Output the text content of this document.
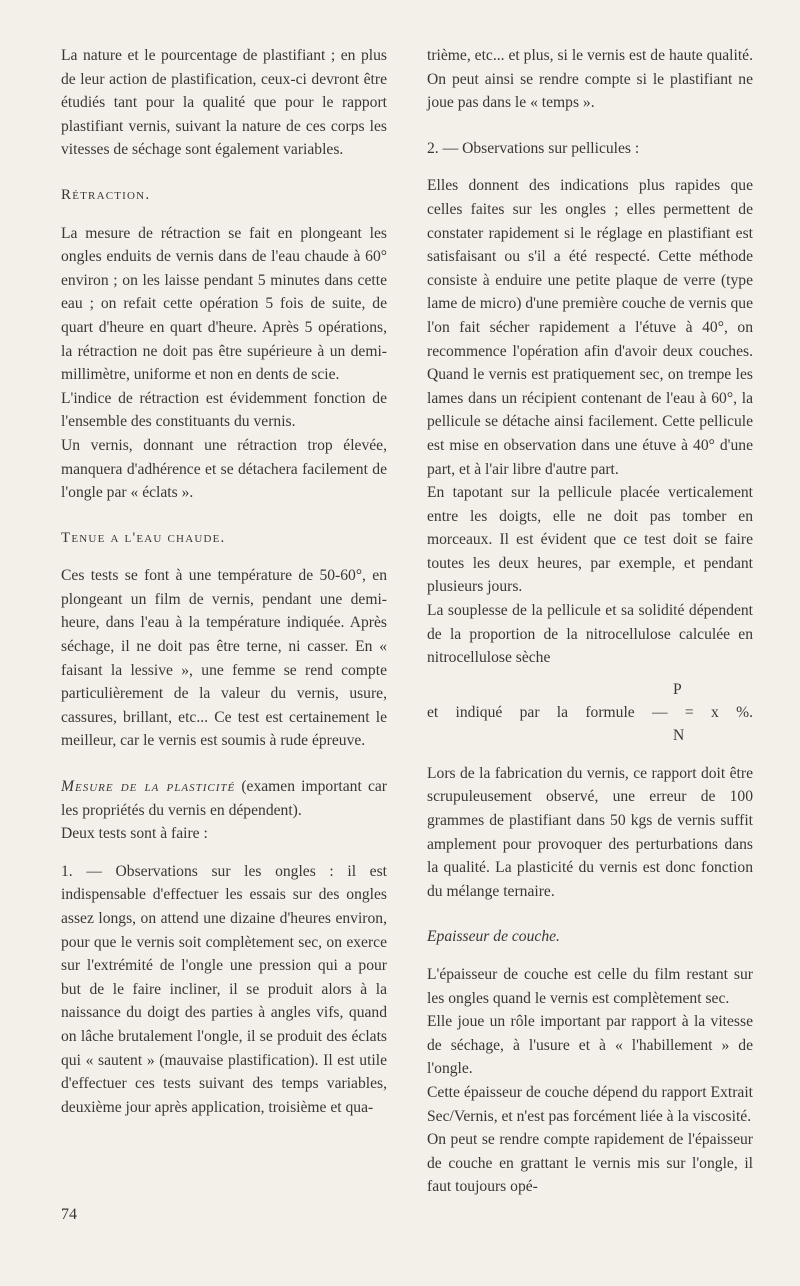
La nature et le pourcentage de plastifiant ; en plus de leur action de plastification, ceux-ci devront être étudiés tant pour la qualité que pour le rapport plastifiant vernis, suivant la nature de ces corps les vitesses de séchage sont également variables.

Rétraction.

La mesure de rétraction se fait en plongeant les ongles enduits de vernis dans de l'eau chaude à 60° environ ; on les laisse pendant 5 minutes dans cette eau ; on refait cette opération 5 fois de suite, de quart d'heure en quart d'heure. Après 5 opérations, la rétraction ne doit pas être supérieure à un demi-millimètre, uniforme et non en dents de scie.

L'indice de rétraction est évidemment fonction de l'ensemble des constituants du vernis.

Un vernis, donnant une rétraction trop élevée, manquera d'adhérence et se détachera facilement de l'ongle par « éclats ».

Tenue a l'eau chaude.

Ces tests se font à une température de 50-60°, en plongeant un film de vernis, pendant une demi-heure, dans l'eau à la température indiquée. Après séchage, il ne doit pas être terne, ni casser. En « faisant la lessive », une femme se rend compte particulièrement de la valeur du vernis, usure, cassures, brillant, etc... Ce test est certainement le meilleur, car le vernis est soumis à rude épreuve.

Mesure de la plasticité (examen important car les propriétés du vernis en dépendent).

Deux tests sont à faire :

1. — Observations sur les ongles : il est indispensable d'effectuer les essais sur des ongles assez longs, on attend une dizaine d'heures environ, pour que le vernis soit complètement sec, on exerce sur l'extrémité de l'ongle une pression qui a pour but de le faire incliner, il se produit alors à la naissance du doigt des parties à angles vifs, quand on lâche brutalement l'ongle, il se produit des éclats qui « sautent » (mauvaise plastification). Il est utile d'effectuer ces tests suivant des temps variables, deuxième jour après application, troisième et qua-

trième, etc... et plus, si le vernis est de haute qualité. On peut ainsi se rendre compte si le plastifiant ne joue pas dans le « temps ».

2. — Observations sur pellicules :

Elles donnent des indications plus rapides que celles faites sur les ongles ; elles permettent de constater rapidement si le réglage en plastifiant est satisfaisant ou s'il a été respecté. Cette méthode consiste à enduire une petite plaque de verre (type lame de micro) d'une première couche de vernis que l'on fait sécher rapidement a l'étuve à 40°, on recommence l'opération afin d'avoir deux couches. Quand le vernis est pratiquement sec, on trempe les lames dans un récipient contenant de l'eau à 60°, la pellicule se détache ainsi facilement. Cette pellicule est mise en observation dans une étuve à 40° d'une part, et à l'air libre d'autre part.

En tapotant sur la pellicule placée verticalement entre les doigts, elle ne doit pas tomber en morceaux. Il est évident que ce test doit se faire toutes les deux heures, par exemple, et pendant plusieurs jours.

La souplesse de la pellicule et sa solidité dépendent de la proportion de la nitrocellulose calculée en nitrocellulose sèche

P
et indiqué par la formule — = x %.
N

Lors de la fabrication du vernis, ce rapport doit être scrupuleusement observé, une erreur de 100 grammes de plastifiant dans 50 kgs de vernis suffit amplement pour provoquer des perturbations dans la qualité. La plasticité du vernis est donc fonction du mélange ternaire.

Epaisseur de couche.

L'épaisseur de couche est celle du film restant sur les ongles quand le vernis est complètement sec.

Elle joue un rôle important par rapport à la vitesse de séchage, à l'usure et à « l'habillement » de l'ongle.

Cette épaisseur de couche dépend du rapport Extrait Sec/Vernis, et n'est pas forcément liée à la viscosité.

On peut se rendre compte rapidement de l'épaisseur de couche en grattant le vernis mis sur l'ongle, il faut toujours opé-

74
